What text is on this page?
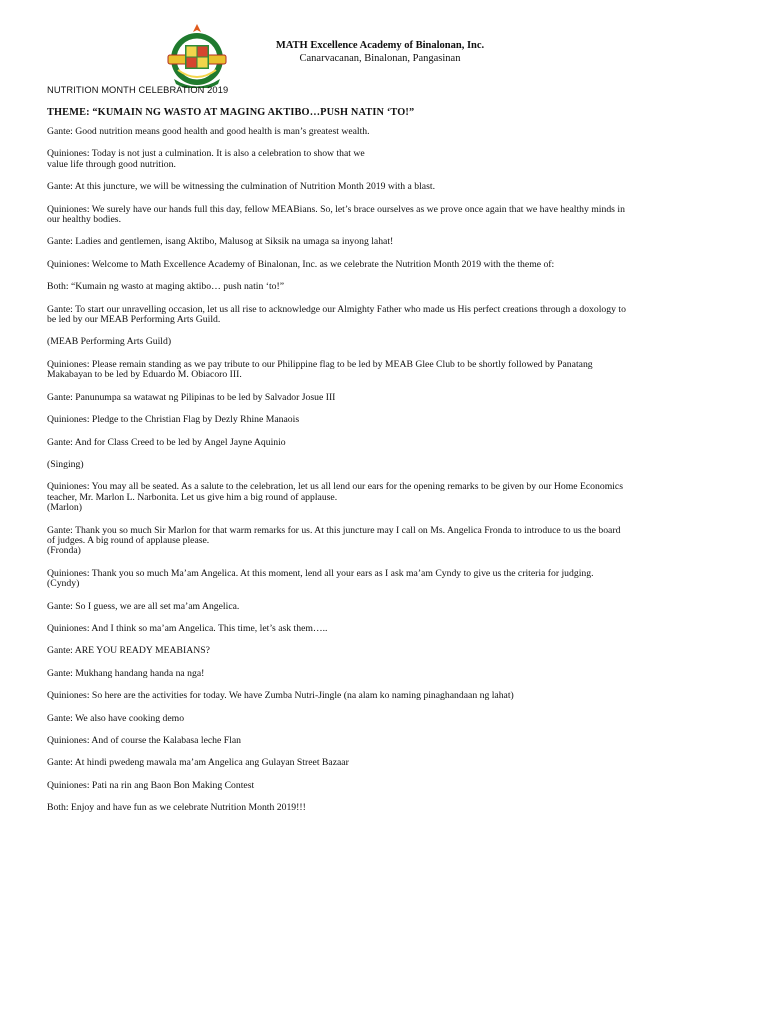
MATH Excellence Academy of Binalonan, Inc.
Canarvacanan, Binalonan, Pangasinan
NUTRITION MONTH CELEBRATION 2019
THEME: “KUMAIN NG WASTO AT MAGING AKTIBO…PUSH NATIN ‘TO!”

Gante: Good nutrition means good health and good health is man’s greatest wealth.

Quiniones: Today is not just a culmination. It is also a celebration to show that we
value life through good nutrition.

Gante: At this juncture, we will be witnessing the culmination of Nutrition Month 2019 with a blast.

Quiniones: We surely have our hands full this day, fellow MEABians. So, let’s brace ourselves as we prove once again that we have healthy minds in
our healthy bodies.

Gante: Ladies and gentlemen, isang Aktibo, Malusog at Siksik na umaga sa inyong lahat!

Quiniones: Welcome to Math Excellence Academy of Binalonan, Inc. as we celebrate the Nutrition Month 2019 with the theme of:

Both: “Kumain ng wasto at maging aktibo… push natin ‘to!”

Gante: To start our unravelling occasion, let us all rise to acknowledge our Almighty Father who made us His perfect creations through a doxology to
be led by our MEAB Performing Arts Guild.

(MEAB Performing Arts Guild)

Quiniones: Please remain standing as we pay tribute to our Philippine flag to be led by MEAB Glee Club to be shortly followed by Panatang
Makabayan to be led by Eduardo M. Obiacoro III.

Gante: Panunumpa sa watawat ng Pilipinas to be led by Salvador Josue III

Quiniones: Pledge to the Christian Flag by Dezly Rhine Manaois

Gante: And for Class Creed to be led by Angel Jayne Aquinio

(Singing)

Quiniones: You may all be seated. As a salute to the celebration, let us all lend our ears for the opening remarks to be given by our Home Economics
teacher, Mr. Marlon L. Narbonita. Let us give him a big round of applause.
(Marlon)

Gante: Thank you so much Sir Marlon for that warm remarks for us. At this juncture may I call on Ms. Angelica Fronda to introduce to us the board
of judges. A big round of applause please.
(Fronda)

Quiniones: Thank you so much Ma’am Angelica. At this moment, lend all your ears as I ask ma’am Cyndy to give us the criteria for judging.
(Cyndy)

Gante: So I guess, we are all set ma’am Angelica.

Quiniones: And I think so ma’am Angelica. This time, let’s ask them…..

Gante: ARE YOU READY MEABIANS?

Gante: Mukhang handang handa na nga!

Quiniones: So here are the activities for today. We have Zumba Nutri-Jingle (na alam ko naming pinaghandaan ng lahat)

Gante: We also have cooking demo

Quiniones: And of course the Kalabasa leche Flan

Gante: At hindi pwedeng mawala ma’am Angelica ang Gulayan Street Bazaar

Quiniones: Pati na rin ang Baon Bon Making Contest

Both: Enjoy and have fun as we celebrate Nutrition Month 2019!!!
